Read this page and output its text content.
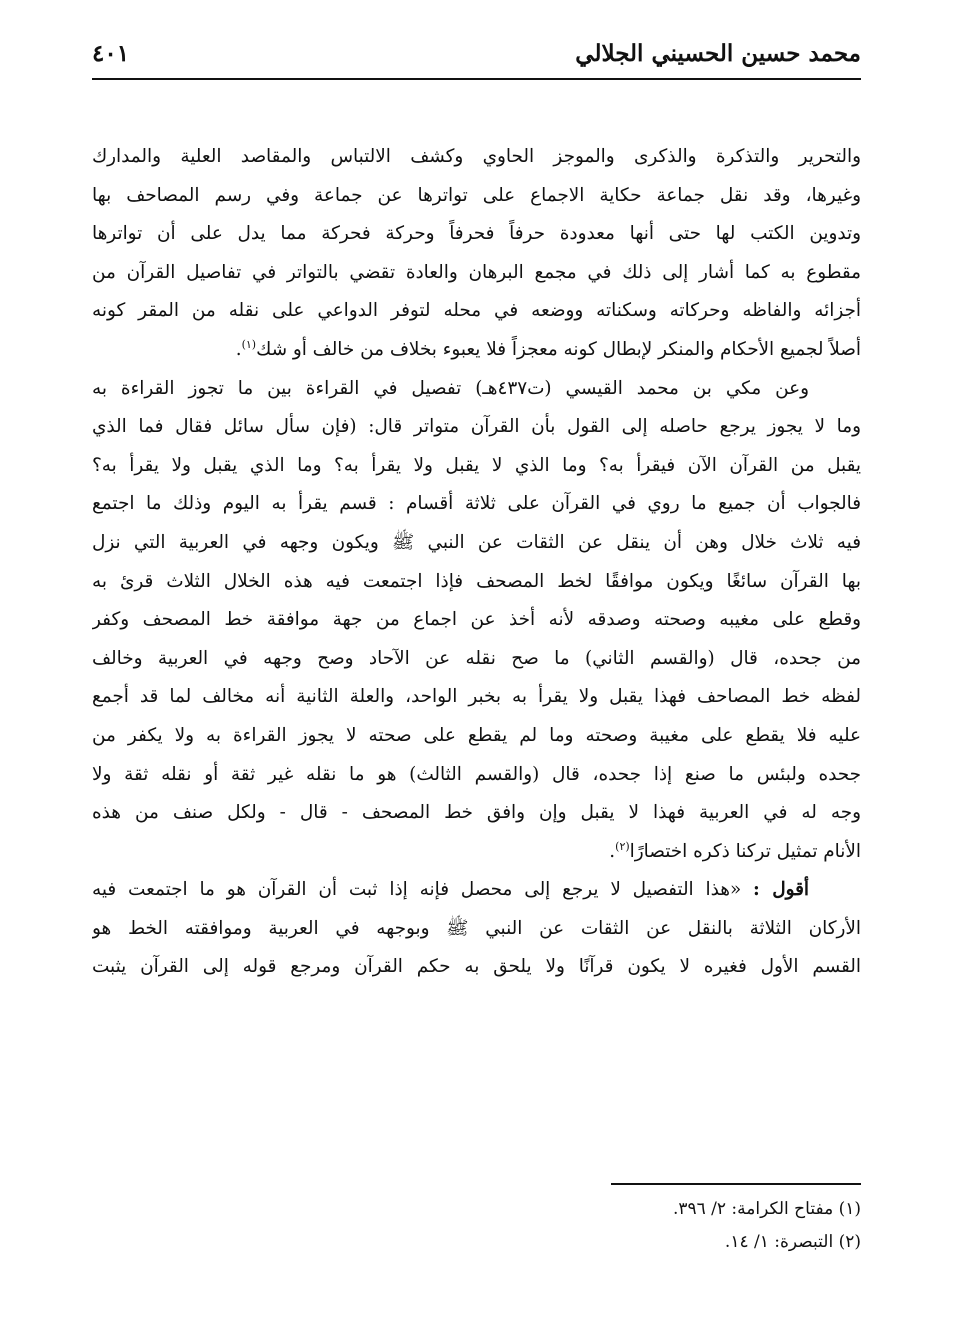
محمد حسين الحسيني الجلالي
٤٠١
والتحرير والتذكرة والذكرى والموجز الحاوي وكشف الالتباس والمقاصد العلية والمدارك
وغيرها، وقد نقل جماعة حكاية الاجماع على تواترها عن جماعة وفي رسم المصاحف بها
وتدوين الكتب لها حتى أنها معدودة حرفاً فحرفاً وحركة فحركة مما يدل على أن تواترها
مقطوع به كما أشار إلى ذلك في مجمع البرهان والعادة تقضي بالتواتر في تفاصيل القرآن من
أجزائه والفاظه وحركاته وسكناته ووضعه في محله لتوفر الدواعي على نقله من المقر كونه
أصلاً لجميع الأحكام والمنكر لإبطال كونه معجزاً فلا يعبوء بخلاف من خالف أو شك$^{(١)}$.
وعن مكي بن محمد القيسي (ت٤٣٧هـ) تفصيل في القراءة بين ما تجوز القراءة به
وما لا يجوز يرجع حاصله إلى القول بأن القرآن متواتر قال: (فإن سأل سائل فقال فما الذي
يقبل من القرآن الآن فيقرأ به؟ وما الذي لا يقبل ولا يقرأ به؟ وما الذي يقبل ولا يقرأ به؟
فالجواب أن جميع ما روي في القرآن على ثلاثة أقسام : قسم يقرأ به اليوم وذلك ما اجتمع
فيه ثلاث خلال وهن أن ينقل عن الثقات عن النبي ﷺ ويكون وجهه في العربية التي نزل
بها القرآن سائغًا ويكون موافقًا لخط المصحف فإذا اجتمعت فيه هذه الخلال الثلاث قرئ به
وقطع على مغيبه وصحته وصدقه لأنه أخذ عن اجماع من جهة موافقة خط المصحف وكفر
من جحده، قال (والقسم الثاني) ما صح نقله عن الآحاد وصح وجهه في العربية وخالف
لفظه خط المصاحف فهذا يقبل ولا يقرأ به بخبر الواحد، والعلة الثانية أنه مخالف لما قد أجمع
عليه فلا يقطع على مغيبة وصحته وما لم يقطع على صحته لا يجوز القراءة به ولا يكفر من
جحده ولبئس ما صنع إذا جحده، قال (والقسم الثالث) هو ما نقله غير ثقة أو نقله ثقة ولا
وجه له في العربية فهذا لا يقبل وإن وافق خط المصحف - قال - ولكل صنف من هذه
الأنام تمثيل تركنا ذكره اختصارًا$^{(٢)}$.
أقول : «هذا التفصيل لا يرجع إلى محصل فإنه إذا ثبت أن القرآن هو ما اجتمعت فيه
الأركان الثلاثة بالنقل عن الثقات عن النبي ﷺ وبوجهه في العربية وموافقته الخط هو
القسم الأول فغيره لا يكون قرآنًا ولا يلحق به حكم القرآن ومرجع قوله إلى القرآن يثبت
(١) مفتاح الكرامة: ٢/ ٣٩٦.
(٢) التبصرة: ١/ ١٤.
